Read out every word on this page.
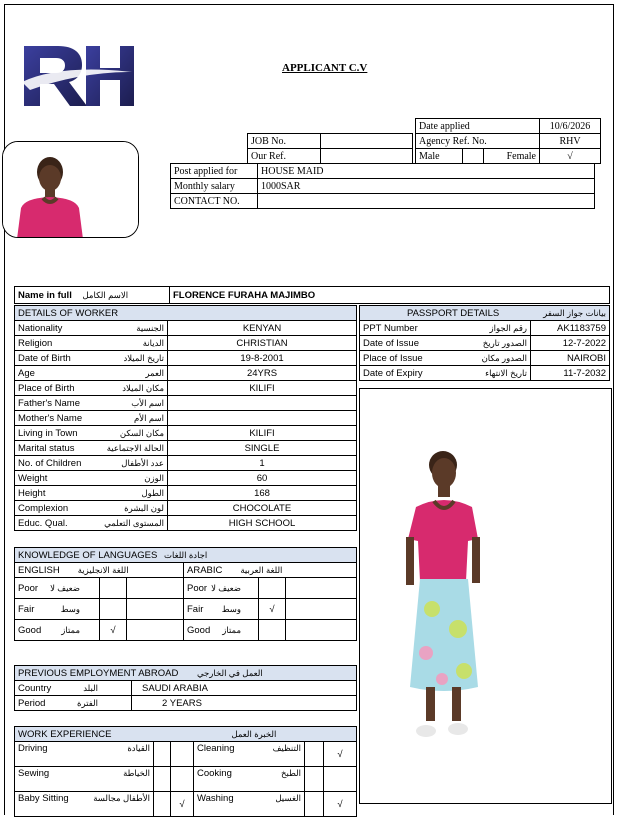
APPLICANT C.V
Date applied			10/6/2026
Agency Ref. No.			RHV
Male		Female	√
JOB No.	
Our Ref.	
Post applied for	HOUSE MAID
Monthly salary	1000SAR
CONTACT NO.	
Name in full الاسم الكامل	FLORENCE FURAHA MAJIMBO
DETAILS OF WORKER	
Nationality الجنسية	KENYAN
Religion الديانة	CHRISTIAN
Date of Birth تاريخ الميلاد	19-8-2001
Age العمر	24YRS
Place of Birth مكان الميلاد	KILIFI
Father's Name اسم الأب	

Mother's Name اسم الأم	

Living in Town مكان السكن	KILIFI
Marital status الحالة الاجتماعية	SINGLE
No. of Children عدد الأطفال	1
Weight الوزن	60
Height الطول	168
Complexion لون البشرة	CHOCOLATE
Educ. Qual. المستوى التعلمي	HIGH SCHOOL
PASSPORT DETAILS بيانات جواز السفر	

PPT Number رقم الجواز	AK1183759
Date of Issue الصدور تاريخ	12-7-2022
Place of Issue الصدور مكان	NAIROBI
Date of Expiry تاريخ الانتهاء	11-7-2032
KNOWLEDGE OF LANGUAGES اجادة اللغات					
ENGLISH اللغة الانجليزية			ARABIC اللغة العربية		
Poor ضعيف لا			Poor ضعيف لا		

Fair وسط			Fair وسط	√	
Good ممتاز	√		Good ممتاز		

PREVIOUS EMPLOYMENT ABROAD العمل في الخارجي	
Country البلد	SAUDI ARABIA
Period الفترة	2 YEARS
WORK EXPERIENCE الخبرة العمل					
Driving القيادة			Cleaning التنظيف		√
Sewing الخياطة			Cooking الطبخ		

Baby Sitting الأطفال مجالسة		√	Washing الغسيل		√
